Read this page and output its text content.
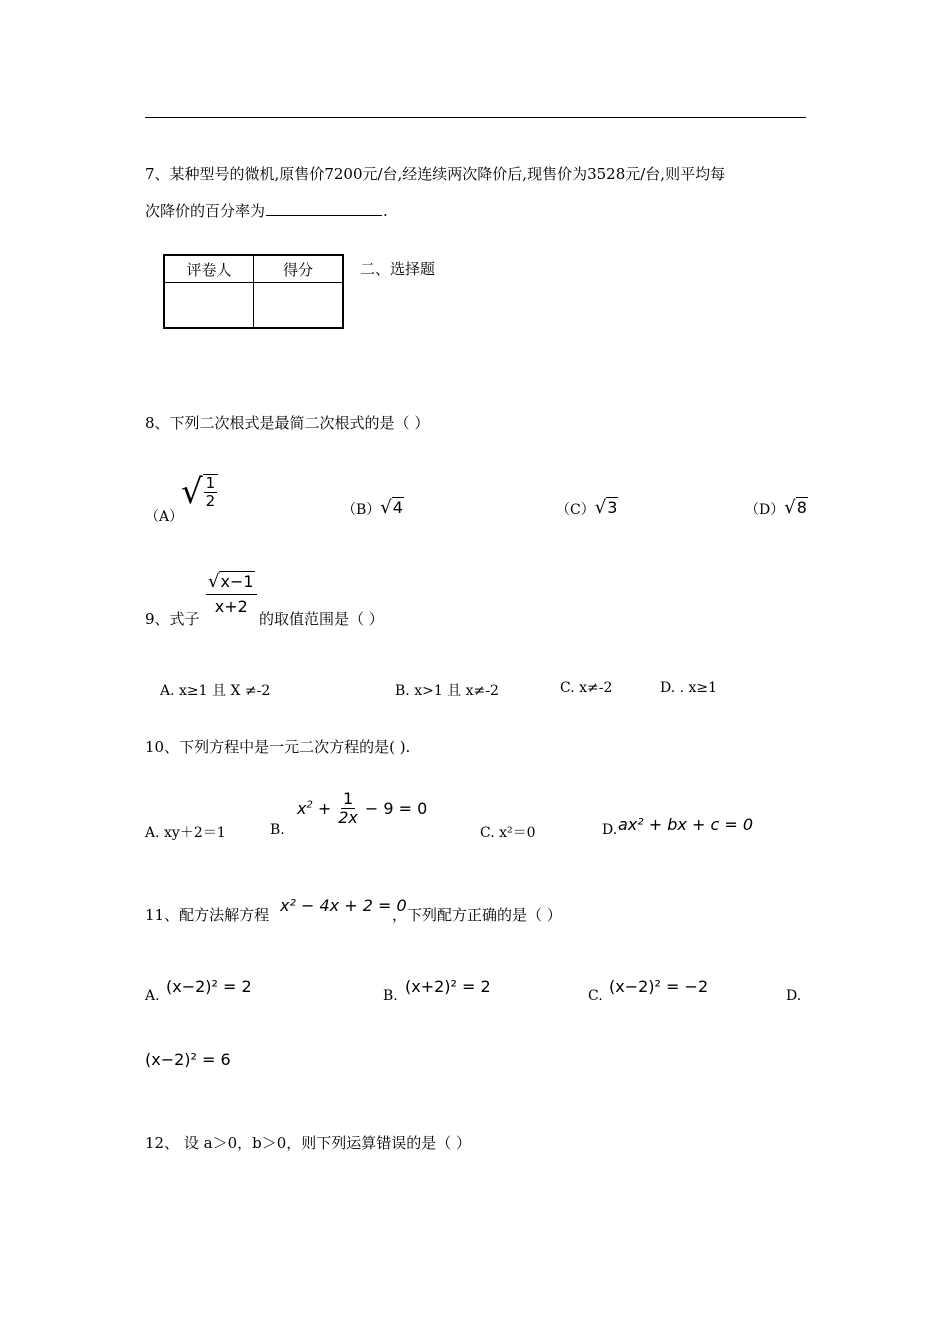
7、某种型号的微机,原售价7200元/台,经连续两次降价后,现售价为3528元/台,则平均每
次降价的百分率为	.
评卷人	得分
		二、选择题
8、下列二次根式是最简二次根式的是（ ）
（A）
√ $\frac{1}{2}$
（B） √ 4	（C） √ 3	（D） √ 8
9、式子
√ x−1
x+2
的取值范围是（ ）
A. x≥1 且 X ≠-2	B. x>1 且 x≠-2	C. x≠-2	D. . x≥1
10、下列方程中是一元二次方程的是( ).
A. xy＋2＝1	B.
$x^2 + \frac{1}{2x} - 9 = 0$
C. x²＝0	D. ax² + bx + c = 0
11、配方法解方程 x² − 4x + 2 = 0
，下列配方正确的是（ ）
A. (x−2)² = 2	B. (x+2)² = 2	C. (x−2)² = −2	D.
(x−2)² = 6
12、 设 a＞0，b＞0，则下列运算错误的是（ ）
